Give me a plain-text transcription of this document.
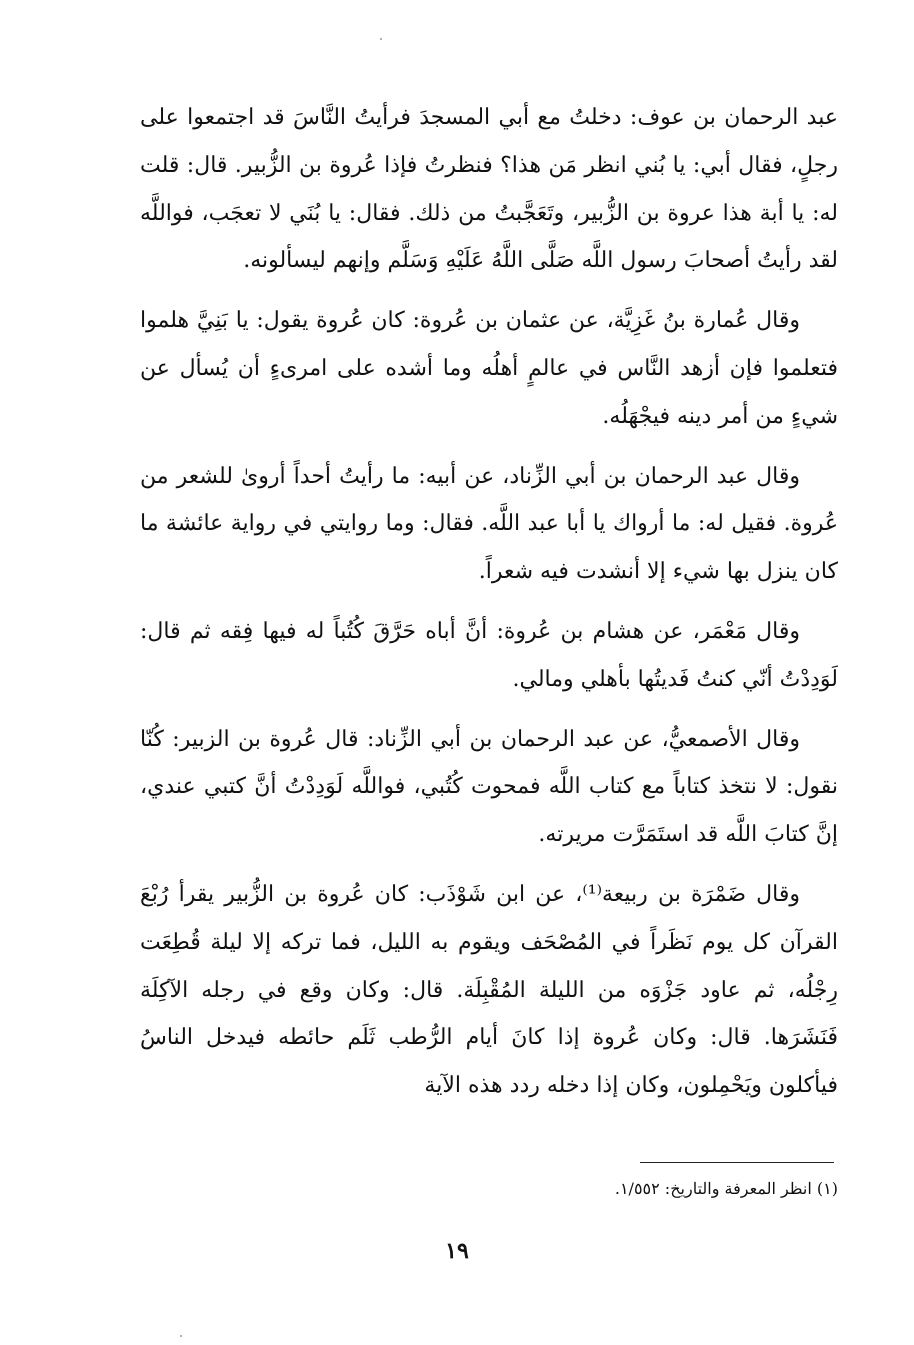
عبد الرحمان بن عوف: دخلتُ مع أبي المسجدَ فرأيتُ النَّاسَ قد اجتمعوا على رجلٍ، فقال أبي: يا بُني انظر مَن هذا؟ فنظرتُ فإذا عُروة بن الزُّبير. قال: قلت له: يا أبة هذا عروة بن الزُّبير، وتَعَجَّبتُ من ذلك. فقال: يا بُنَي لا تعجَب، فواللَّه لقد رأيتُ أصحابَ رسول اللَّه صَلَّى اللَّهُ عَلَيْهِ وَسَلَّم وإنهم ليسألونه.

وقال عُمارة بنُ غَزِيَّة، عن عثمان بن عُروة: كان عُروة يقول: يا بَنِيَّ هلموا فتعلموا فإن أزهد النَّاس في عالمٍ أهلُه وما أشده على امرىءٍ أن يُسأل عن شيءٍ من أمر دينه فيجْهَلُه.

وقال عبد الرحمان بن أبي الزِّناد، عن أبيه: ما رأيتُ أحداً أروىٰ للشعر من عُروة. فقيل له: ما أرواك يا أبا عبد اللَّه. فقال: وما روايتي في رواية عائشة ما كان ينزل بها شيء إلا أنشدت فيه شعراً.

وقال مَعْمَر، عن هشام بن عُروة: أنَّ أباه حَرَّقَ كُتُباً له فيها فِقه ثم قال: لَوَدِدْتُ أنّي كنتُ فَديتُها بأهلي ومالي.

وقال الأصمعيُّ، عن عبد الرحمان بن أبي الزِّناد: قال عُروة بن الزبير: كُنّا نقول: لا نتخذ كتاباً مع كتاب اللَّه فمحوت كُتُبي، فواللَّه لَوَدِدْتُ أنَّ كتبي عندي، إنَّ كتابَ اللَّه قد استَمَرَّت مريرته.

وقال ضَمْرَة بن ربيعة⁽¹⁾، عن ابن شَوْذَب: كان عُروة بن الزُّبير يقرأ رُبْعَ القرآن كل يوم نَظَراً في المُصْحَف ويقوم به الليل، فما تركه إلا ليلة قُطِعَت رِجْلُه، ثم عاود جَزْوَه من الليلة المُقْبِلَة. قال: وكان وقع في رجله الآكِلَة فَنَشَرَها. قال: وكان عُروة إذا كانَ أيام الرُّطب ثَلَم حائطه فيدخل الناسُ فيأكلون ويَحْمِلون، وكان إذا دخله ردد هذه الآية

(١) انظر المعرفة والتاريخ: ١/٥٥٢.
١٩
